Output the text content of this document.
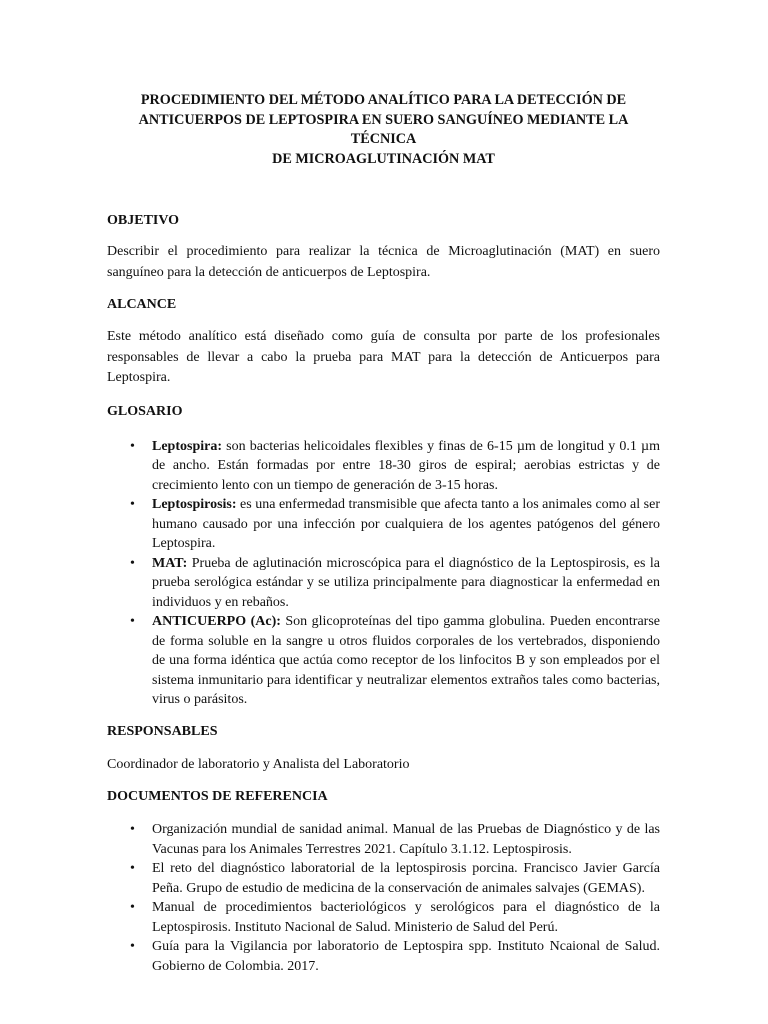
PROCEDIMIENTO DEL MÉTODO ANALÍTICO PARA LA DETECCIÓN DE
ANTICUERPOS DE LEPTOSPIRA EN SUERO SANGUÍNEO MEDIANTE LA TÉCNICA
DE MICROAGLUTINACIÓN MAT
OBJETIVO

Describir el procedimiento para realizar la técnica de Microaglutinación (MAT) en suero sanguíneo para la detección de anticuerpos de Leptospira.

ALCANCE

Este método analítico está diseñado como guía de consulta por parte de los profesionales responsables de llevar a cabo la prueba para MAT para la detección de Anticuerpos para Leptospira.

GLOSARIO
• Leptospira: son bacterias helicoidales flexibles y finas de 6-15 µm de longitud y 0.1 µm de ancho. Están formadas por entre 18-30 giros de espiral; aerobias estrictas y de crecimiento lento con un tiempo de generación de 3-15 horas.
• Leptospirosis: es una enfermedad transmisible que afecta tanto a los animales como al ser humano causado por una infección por cualquiera de los agentes patógenos del género Leptospira.
• MAT: Prueba de aglutinación microscópica para el diagnóstico de la Leptospirosis, es la prueba serológica estándar y se utiliza principalmente para diagnosticar la enfermedad en individuos y en rebaños.
• ANTICUERPO (Ac): Son glicoproteínas del tipo gamma globulina. Pueden encontrarse de forma soluble en la sangre u otros fluidos corporales de los vertebrados, disponiendo de una forma idéntica que actúa como receptor de los linfocitos B y son empleados por el sistema inmunitario para identificar y neutralizar elementos extraños tales como bacterias, virus o parásitos.
RESPONSABLES

Coordinador de laboratorio y Analista del Laboratorio

DOCUMENTOS DE REFERENCIA
• Organización mundial de sanidad animal. Manual de las Pruebas de Diagnóstico y de las Vacunas para los Animales Terrestres 2021. Capítulo 3.1.12. Leptospirosis.
• El reto del diagnóstico laboratorial de la leptospirosis porcina. Francisco Javier García Peña. Grupo de estudio de medicina de la conservación de animales salvajes (GEMAS).
• Manual de procedimientos bacteriológicos y serológicos para el diagnóstico de la Leptospirosis. Instituto Nacional de Salud. Ministerio de Salud del Perú.
• Guía para la Vigilancia por laboratorio de Leptospira spp. Instituto Ncaional de Salud. Gobierno de Colombia. 2017.
